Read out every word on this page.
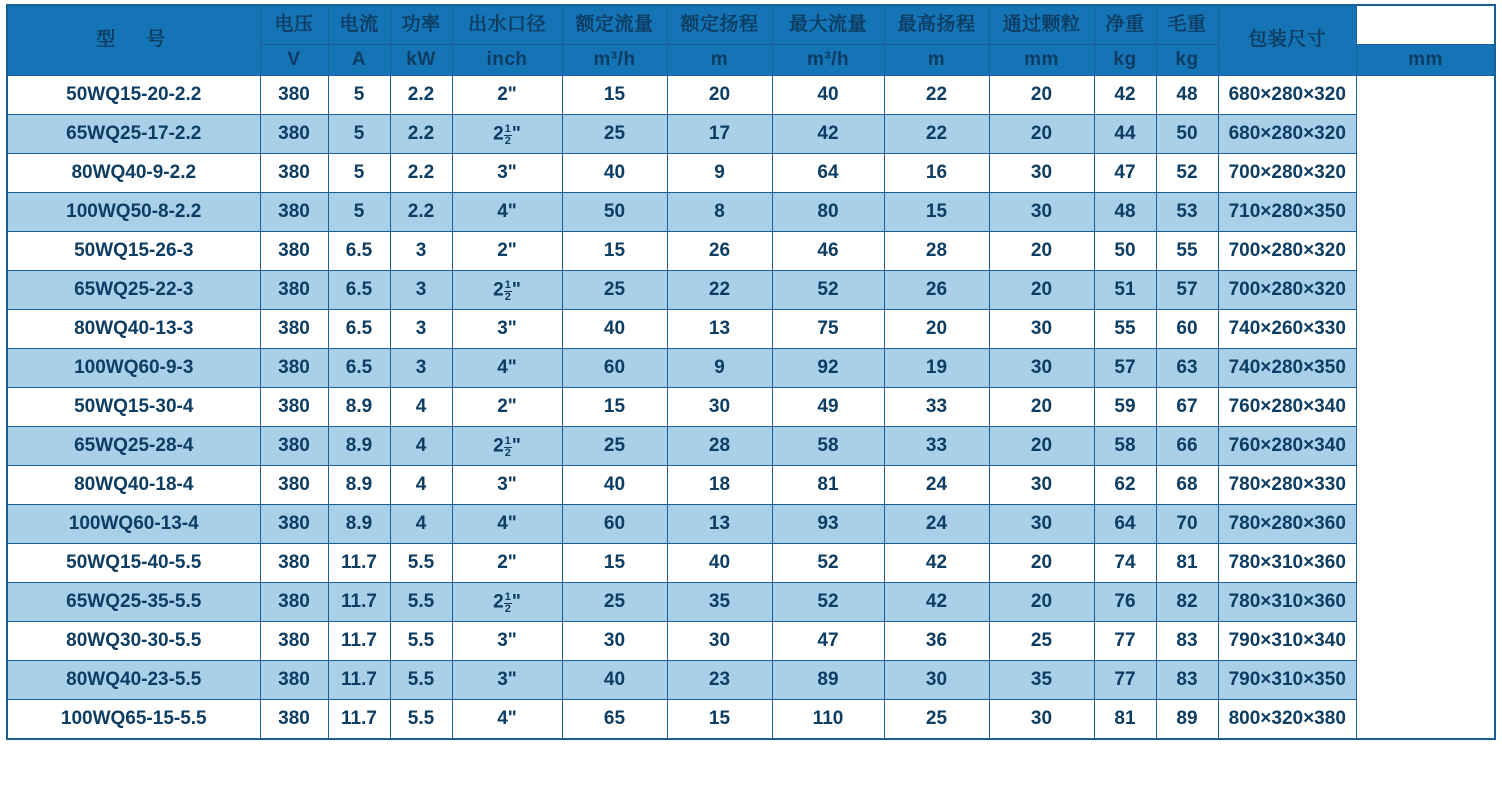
型　号	电压	电流	功率	出水口径	额定流量	额定扬程	最大流量	最高扬程	通过颗粒	净重	毛重	包装尺寸	
	V	A	kW	inch	m³/h	m	m³/h	m	mm	kg	kg		mm
50WQ15-20-2.2	380	5	2.2	2"	15	20	40	22	20	42	48	680×280×320	
65WQ25-17-2.2	380	5	2.2	$2 \frac{1}{2}$ "	25	17	42	22	20	44	50	680×280×320	
80WQ40-9-2.2	380	5	2.2	3"	40	9	64	16	30	47	52	700×280×320	
100WQ50-8-2.2	380	5	2.2	4"	50	8	80	15	30	48	53	710×280×350	
50WQ15-26-3	380	6.5	3	2"	15	26	46	28	20	50	55	700×280×320	
65WQ25-22-3	380	6.5	3	$2 \frac{1}{2}$ "	25	22	52	26	20	51	57	700×280×320	
80WQ40-13-3	380	6.5	3	3"	40	13	75	20	30	55	60	740×260×330	
100WQ60-9-3	380	6.5	3	4"	60	9	92	19	30	57	63	740×280×350	
50WQ15-30-4	380	8.9	4	2"	15	30	49	33	20	59	67	760×280×340	
65WQ25-28-4	380	8.9	4	$2 \frac{1}{2}$ "	25	28	58	33	20	58	66	760×280×340	
80WQ40-18-4	380	8.9	4	3"	40	18	81	24	30	62	68	780×280×330	
100WQ60-13-4	380	8.9	4	4"	60	13	93	24	30	64	70	780×280×360	
50WQ15-40-5.5	380	11.7	5.5	2"	15	40	52	42	20	74	81	780×310×360	
65WQ25-35-5.5	380	11.7	5.5	$2 \frac{1}{2}$ "	25	35	52	42	20	76	82	780×310×360	
80WQ30-30-5.5	380	11.7	5.5	3"	30	30	47	36	25	77	83	790×310×340	
80WQ40-23-5.5	380	11.7	5.5	3"	40	23	89	30	35	77	83	790×310×350	
100WQ65-15-5.5	380	11.7	5.5	4"	65	15	110	25	30	81	89	800×320×380	
